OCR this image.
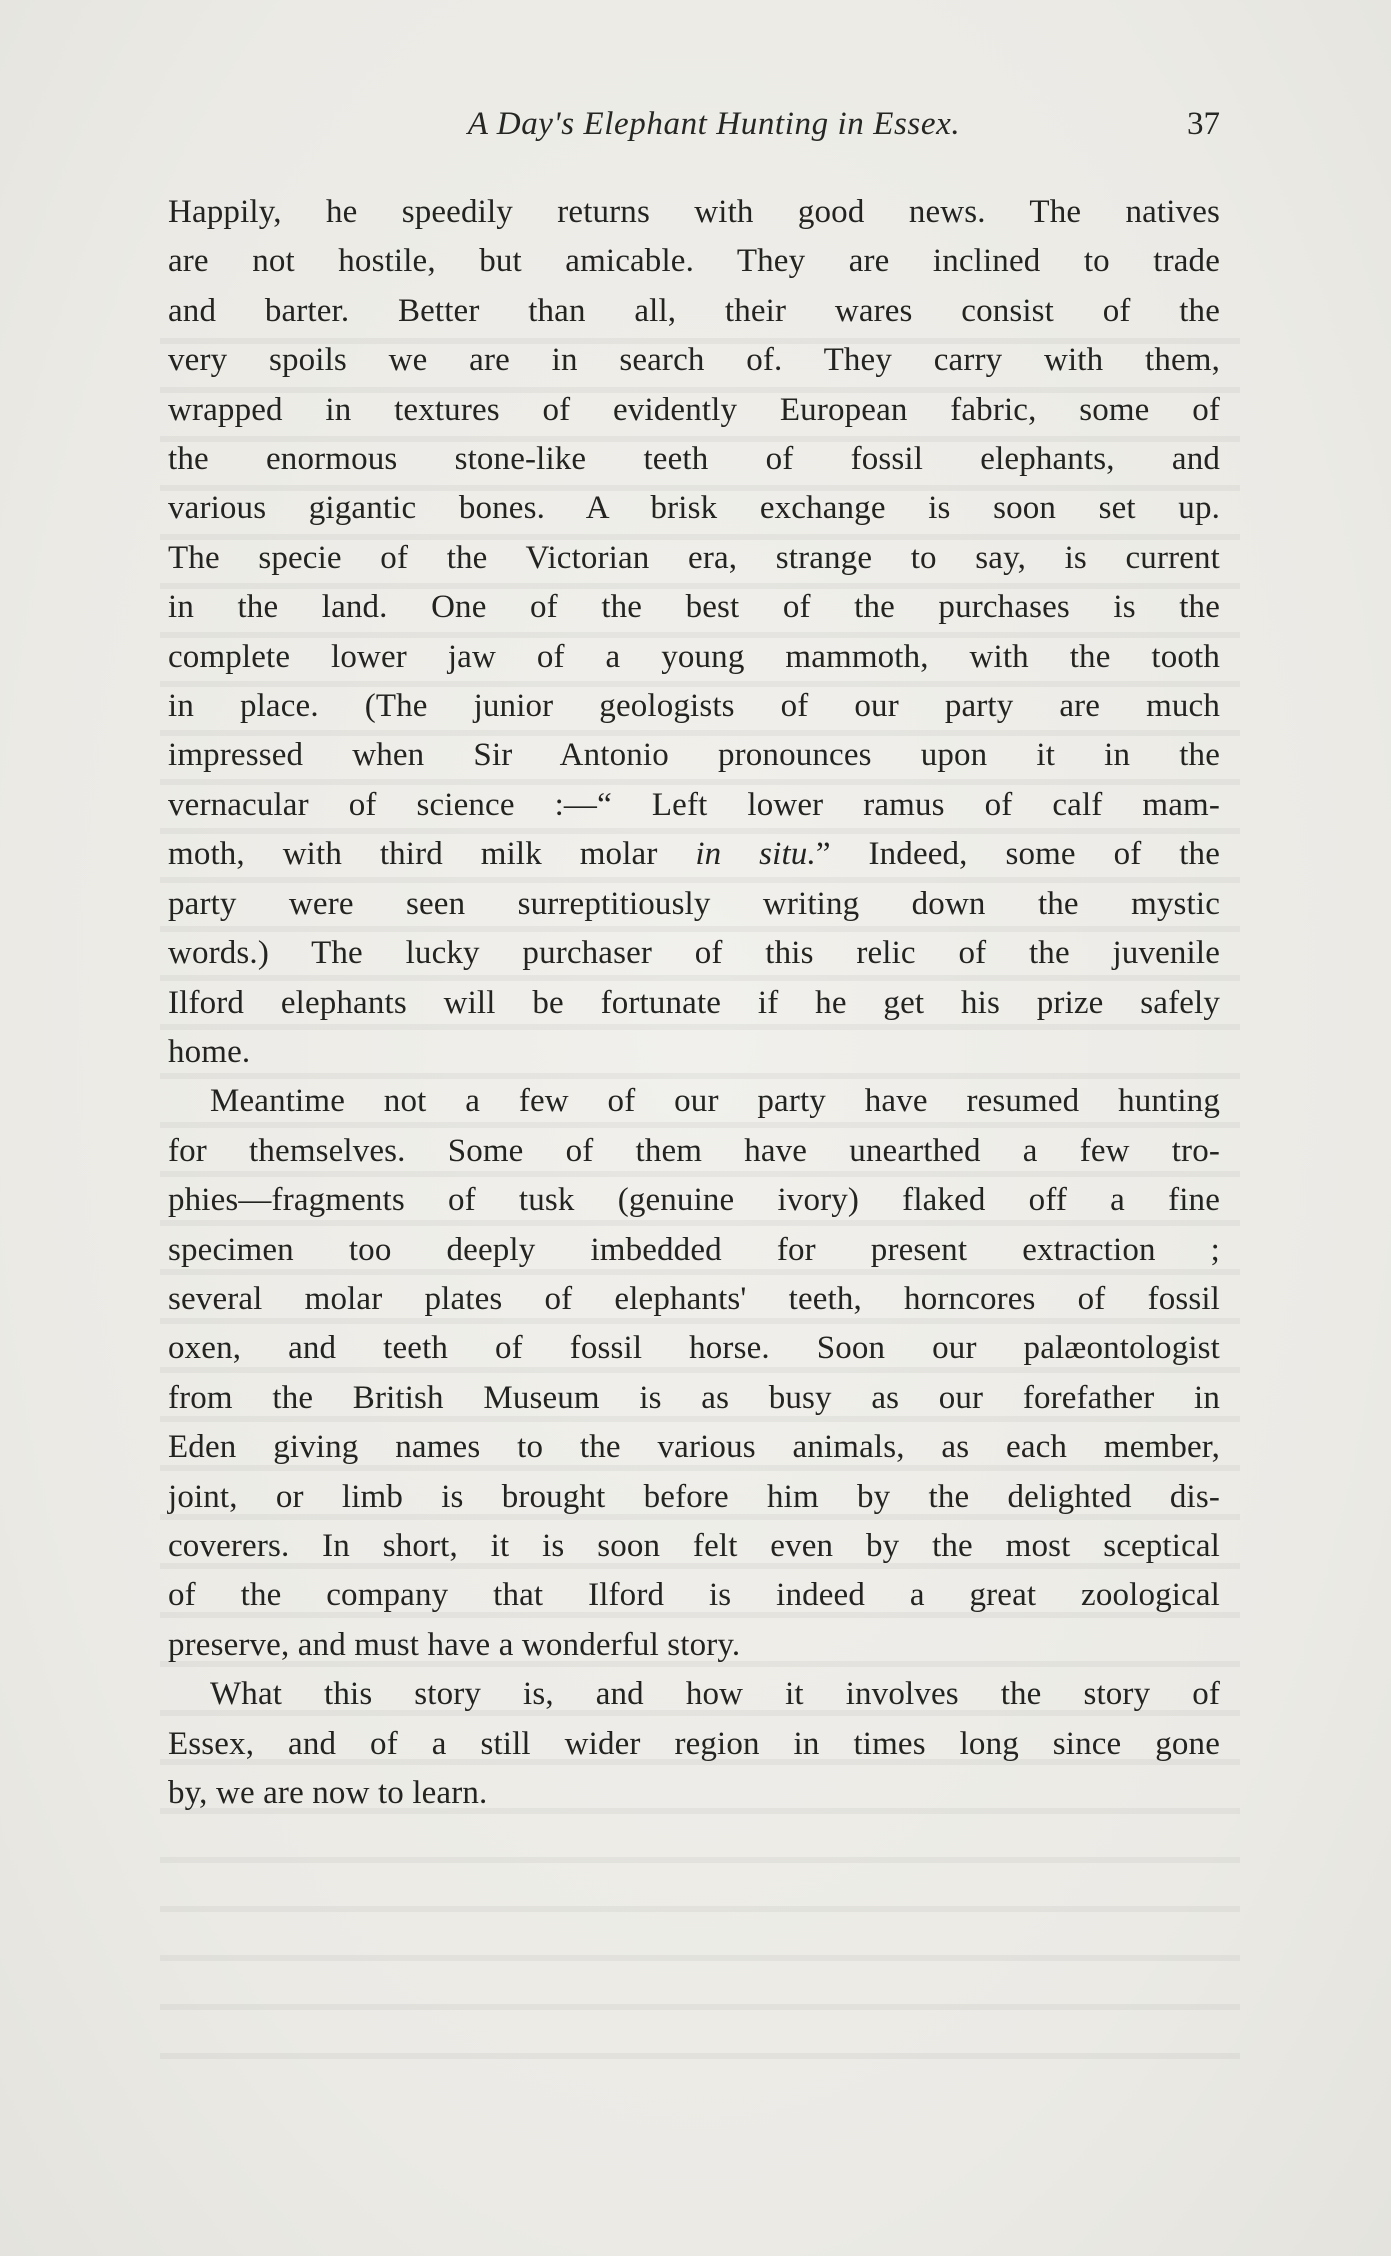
A Day's Elephant Hunting in Essex.	37

Happily, he speedily returns with good news. The natives
are not hostile, but amicable. They are inclined to trade
and barter. Better than all, their wares consist of the
very spoils we are in search of. They carry with them,
wrapped in textures of evidently European fabric, some of
the enormous stone-like teeth of fossil elephants, and
various gigantic bones. A brisk exchange is soon set up.
The specie of the Victorian era, strange to say, is current
in the land. One of the best of the purchases is the
complete lower jaw of a young mammoth, with the tooth
in place. (The junior geologists of our party are much
impressed when Sir Antonio pronounces upon it in the
vernacular of science :—“ Left lower ramus of calf mam-
moth, with third milk molar in situ.” Indeed, some of the
party were seen surreptitiously writing down the mystic
words.) The lucky purchaser of this relic of the juvenile
Ilford elephants will be fortunate if he get his prize safely
home.

Meantime not a few of our party have resumed hunting
for themselves. Some of them have unearthed a few tro-
phies—fragments of tusk (genuine ivory) flaked off a fine
specimen too deeply imbedded for present extraction ;
several molar plates of elephants' teeth, horncores of fossil
oxen, and teeth of fossil horse. Soon our palæontologist
from the British Museum is as busy as our forefather in
Eden giving names to the various animals, as each member,
joint, or limb is brought before him by the delighted dis-
coverers. In short, it is soon felt even by the most sceptical
of the company that Ilford is indeed a great zoological
preserve, and must have a wonderful story.

What this story is, and how it involves the story of
Essex, and of a still wider region in times long since gone
by, we are now to learn.
